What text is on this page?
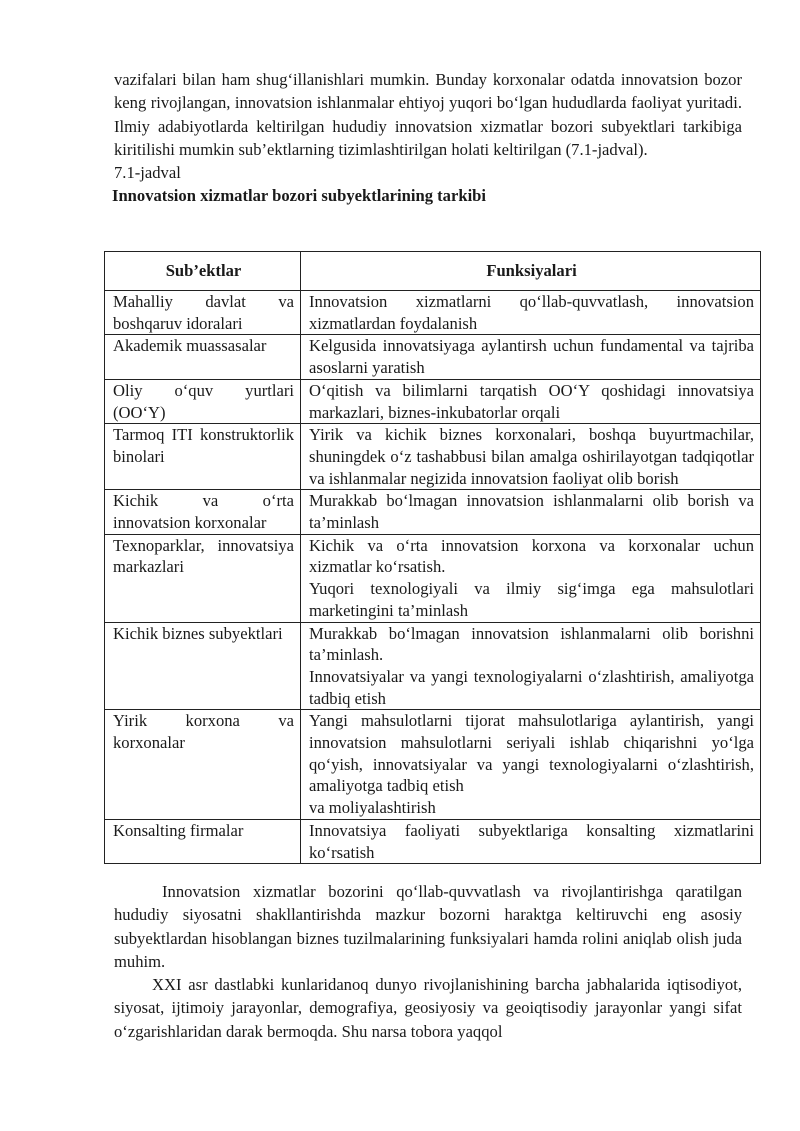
vazifalari bilan ham shug‘illanishlari mumkin. Bunday korxonalar odatda innovatsion bozor keng rivojlangan, innovatsion ishlanmalar ehtiyoj yuqori bo‘lgan hududlarda faoliyat yuritadi. Ilmiy adabiyotlarda keltirilgan hududiy innovatsion xizmatlar bozori subyektlari tarkibiga kiritilishi mumkin sub’ektlarning tizimlashtirilgan holati keltirilgan (7.1-jadval).

7.1-jadval

Innovatsion xizmatlar bozori subyektlarining tarkibi

Sub’ektlar	Funksiyalari
Mahalliy davlat va boshqaruv idoralari	Innovatsion xizmatlarni qo‘llab-quvvatlash, innovatsion xizmatlardan foydalanish

Akademik muassasalar	Kelgusida innovatsiyaga aylantirsh uchun fundamental va tajriba asoslarni yaratish

Oliy o‘quv yurtlari (OO‘Y)	O‘qitish va bilimlarni tarqatish OO‘Y qoshidagi innovatsiya markazlari, biznes-inkubatorlar orqali

Tarmoq ITI konstruktorlik binolari	Yirik va kichik biznes korxonalari, boshqa buyurtmachilar, shuningdek o‘z tashabbusi bilan amalga oshirilayotgan tadqiqotlar va ishlanmalar negizida innovatsion faoliyat olib borish

Kichik va o‘rta innovatsion korxonalar	Murakkab bo‘lmagan innovatsion ishlanmalarni olib borish va ta’minlash

Texnoparklar, innovatsiya markazlari	Kichik va o‘rta innovatsion korxona va korxonalar uchun xizmatlar ko‘rsatish.
Yuqori texnologiyali va ilmiy sig‘imga ega mahsulotlari marketingini ta’minlash

Kichik biznes subyektlari	Murakkab bo‘lmagan innovatsion ishlanmalarni olib borishni ta’minlash.
Innovatsiyalar va yangi texnologiyalarni o‘zlashtirish, amaliyotga tadbiq etish

Yirik korxona va korxonalar	Yangi mahsulotlarni tijorat mahsulotlariga aylantirish, yangi innovatsion mahsulotlarni seriyali ishlab chiqarishni yo‘lga qo‘yish, innovatsiyalar va yangi texnologiyalarni o‘zlashtirish, amaliyotga tadbiq etish
va moliyalashtirish

Konsalting firmalar	Innovatsiya faoliyati subyektlariga konsalting xizmatlarini ko‘rsatish

Innovatsion xizmatlar bozorini qo‘llab-quvvatlash va rivojlantirishga qaratilgan hududiy siyosatni shakllantirishda mazkur bozorni haraktga keltiruvchi eng asosiy subyektlardan hisoblangan biznes tuzilmalarining funksiyalari hamda rolini aniqlab olish juda muhim.

XXI asr dastlabki kunlaridanoq dunyo rivojlanishining barcha jabhalarida iqtisodiyot, siyosat, ijtimoiy jarayonlar, demografiya, geosiyosiy va geoiqtisodiy jarayonlar yangi sifat o‘zgarishlaridan darak bermoqda. Shu narsa tobora yaqqol
